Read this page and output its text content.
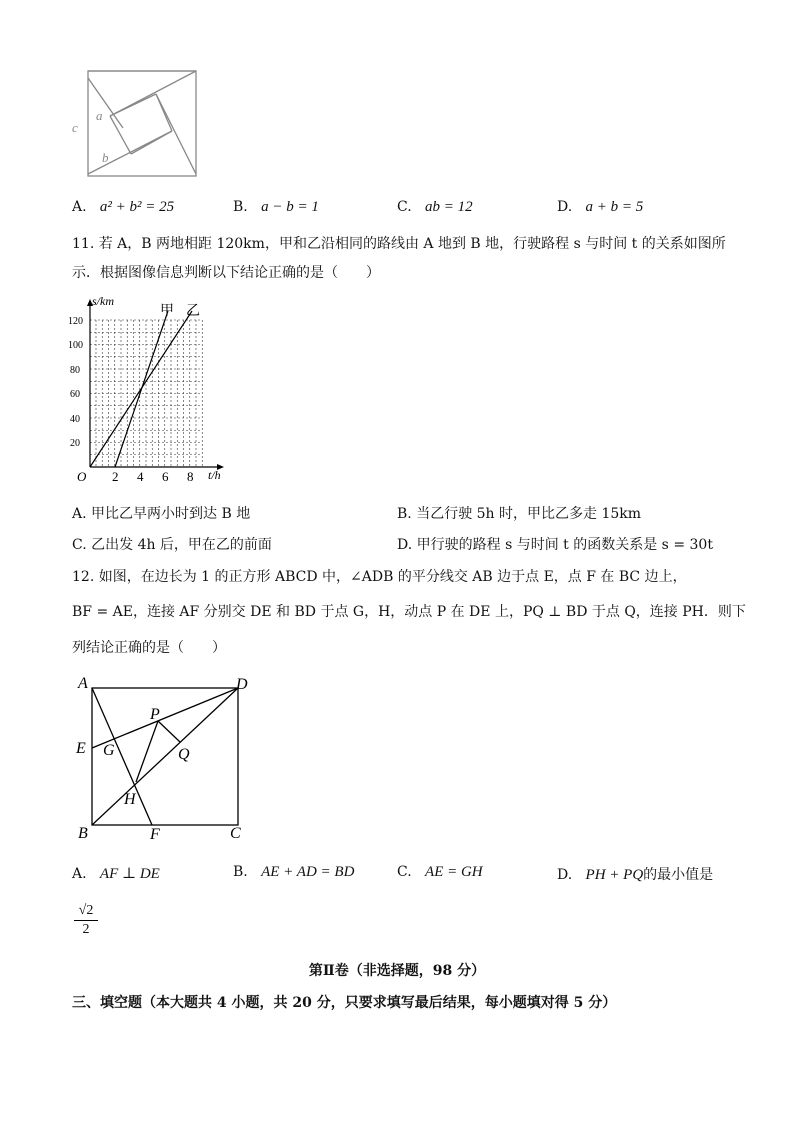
a
b
c
A. a² + b² = 25	B. a − b = 1	C. ab = 12	D. a + b = 5
11. 若 A，B 两地相距 120km，甲和乙沿相同的路线由 A 地到 B 地，行驶路程 s 与时间 t 的关系如图所
示．根据图像信息判断以下结论正确的是（　　）
s/km
t/h
O
甲 乙
20
40
60
80
100
120
2 4 6 8
A. 甲比乙早两小时到达 B 地	B. 当乙行驶 5h 时，甲比乙多走 15km
C. 乙出发 4h 后，甲在乙的前面	D. 甲行驶的路程 s 与时间 t 的函数关系是 s = 30t
12. 如图，在边长为 1 的正方形 ABCD 中，∠ADB 的平分线交 AB 边于点 E，点 F 在 BC 边上，
BF = AE，连接 AF 分别交 DE 和 BD 于点 G，H，动点 P 在 DE 上，PQ ⊥ BD 于点 Q，连接 PH．则下
列结论正确的是（　　）
A	D
B	C
E
F
G
H
P
Q
A. AF ⊥ DE	B. AE + AD = BD	C. AE = GH	D. PH + PQ的最小值是
√2
2
第Ⅱ卷（非选择题，98 分）
三、填空题（本大题共 4 小题，共 20 分，只要求填写最后结果，每小题填对得 5 分）
